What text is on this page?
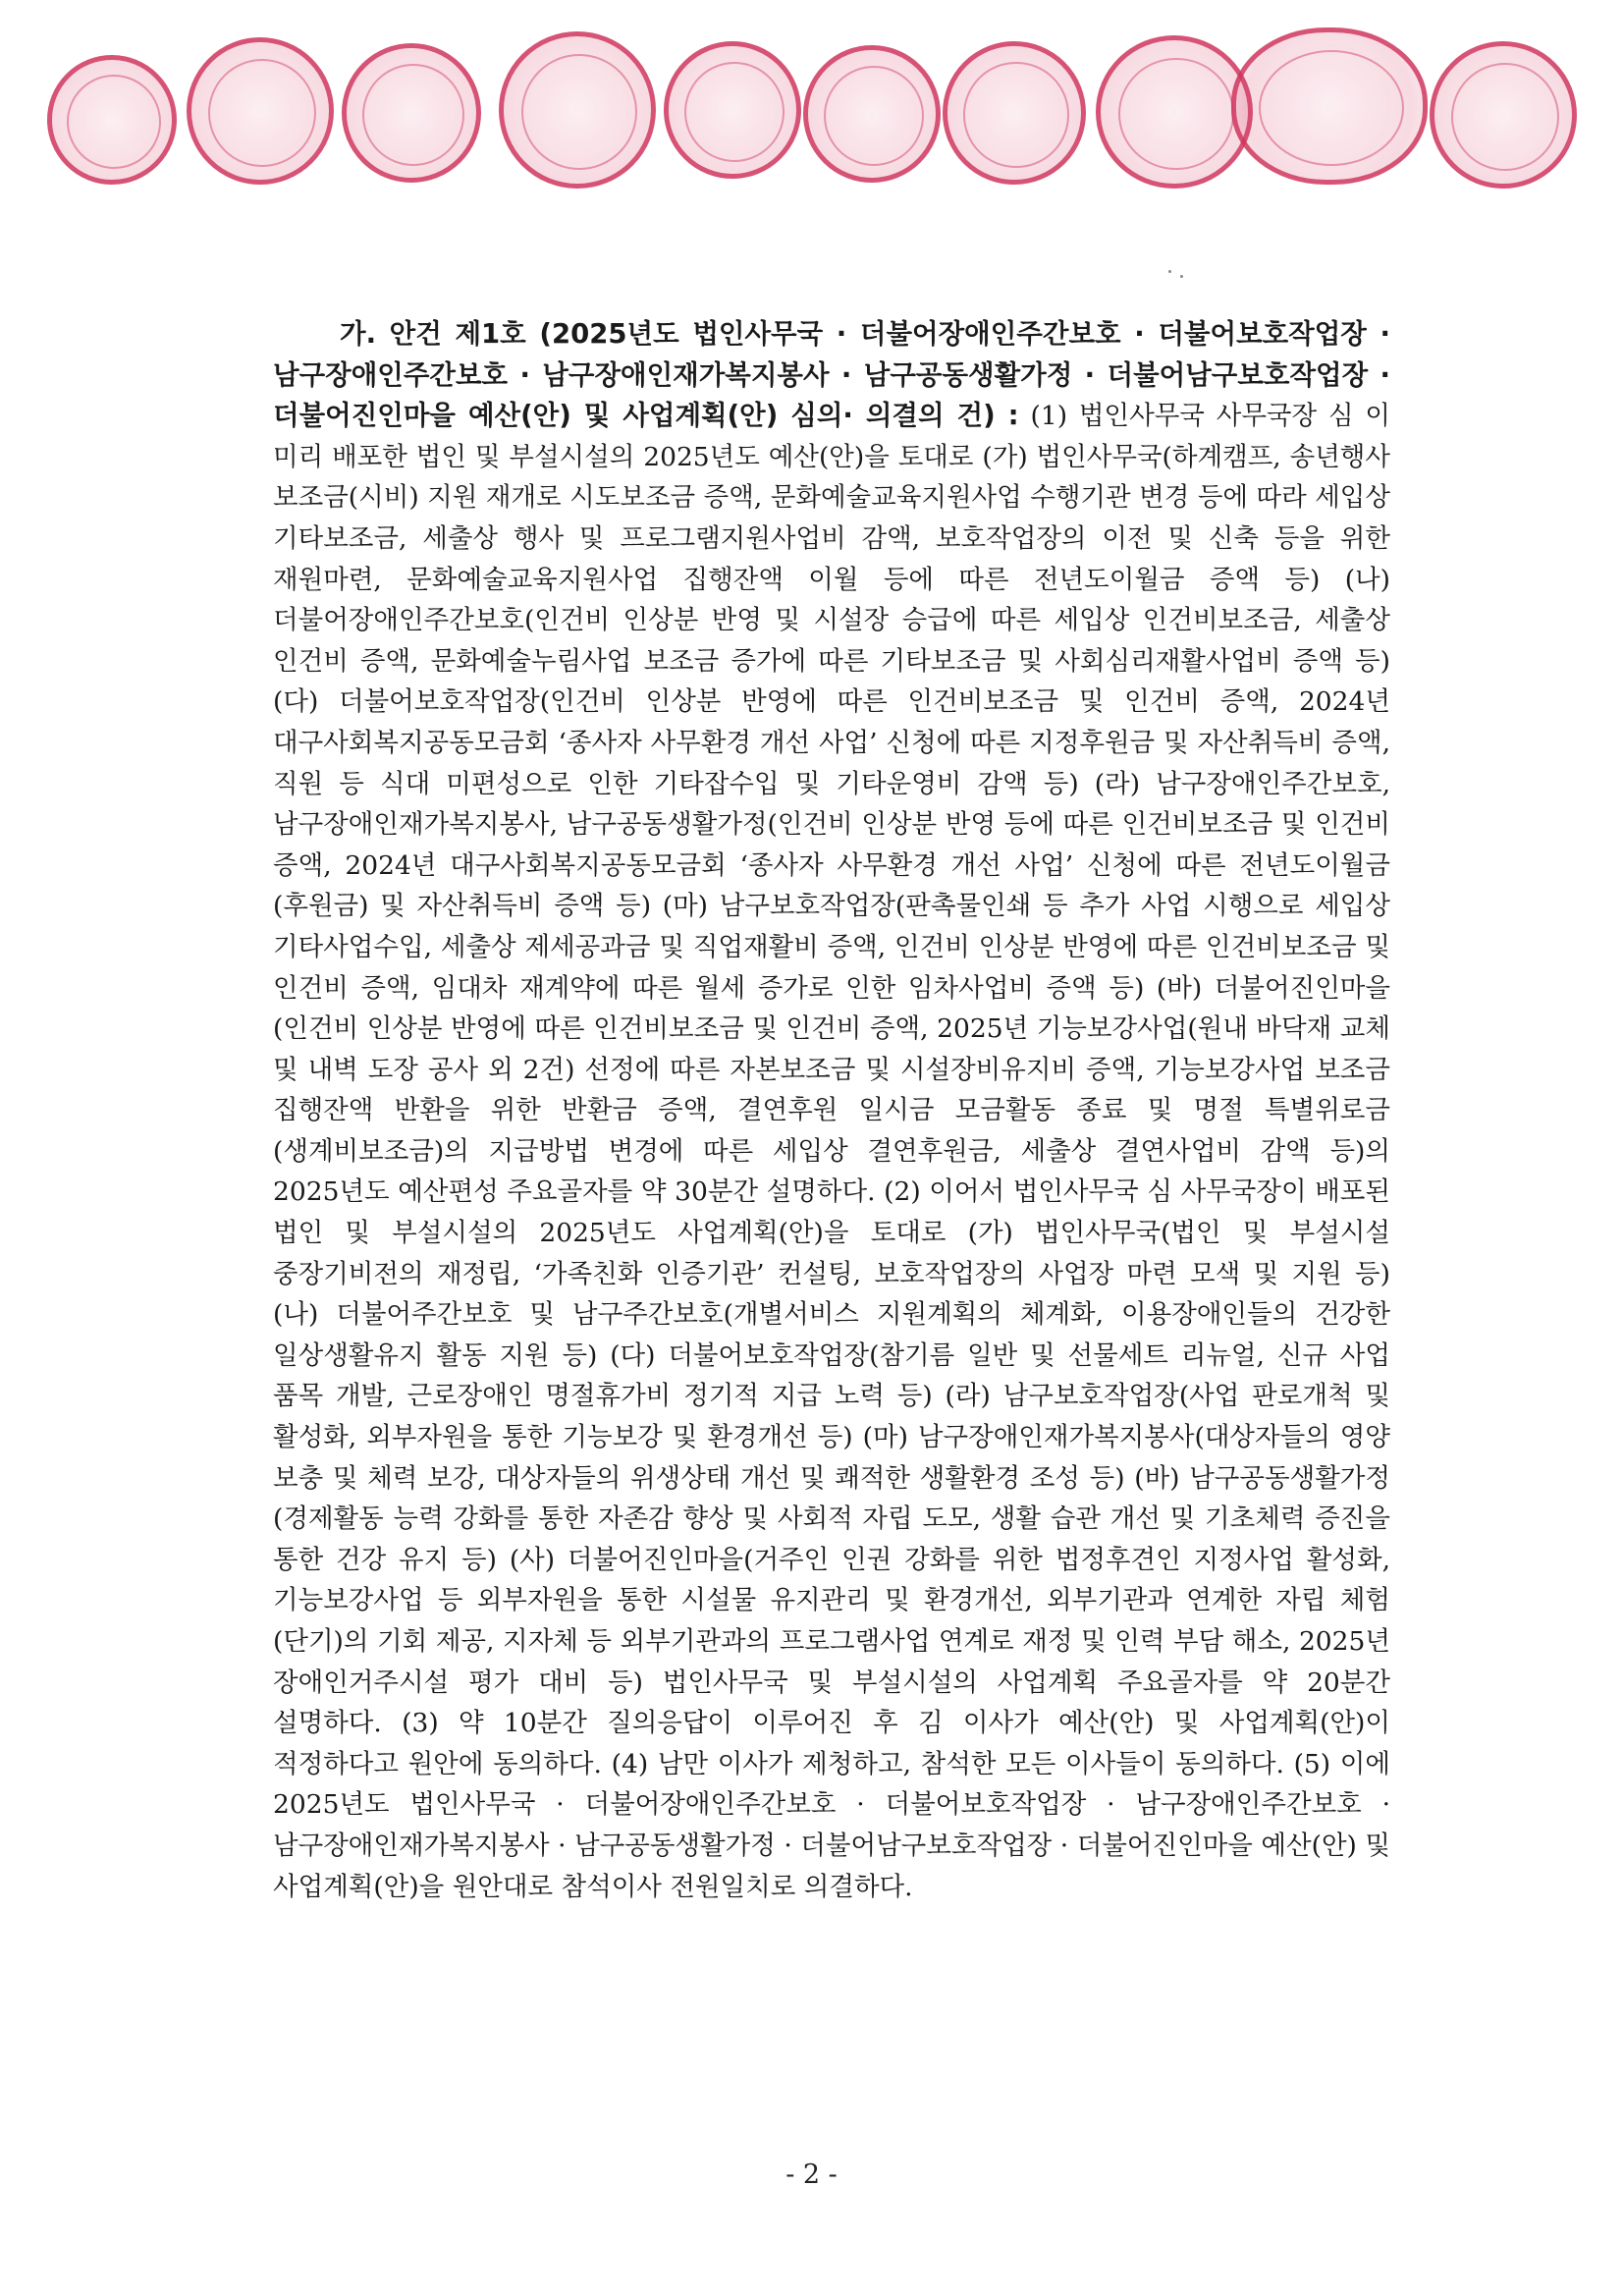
가. 안건 제1호 (2025년도 법인사무국 · 더불어장애인주간보호 · 더불어보호작업장 · 남구장애인주간보호 · 남구장애인재가복지봉사 · 남구공동생활가정 · 더불어남구보호작업장 · 더불어진인마을 예산(안) 및 사업계획(안) 심의· 의결의 건) : (1) 법인사무국 사무국장 심 이 미리 배포한 법인 및 부설시설의 2025년도 예산(안)을 토대로 (가) 법인사무국(하계캠프, 송년행사 보조금(시비) 지원 재개로 시도보조금 증액, 문화예술교육지원사업 수행기관 변경 등에 따라 세입상 기타보조금, 세출상 행사 및 프로그램지원사업비 감액, 보호작업장의 이전 및 신축 등을 위한 재원마련, 문화예술교육지원사업 집행잔액 이월 등에 따른 전년도이월금 증액 등) (나) 더불어장애인주간보호(인건비 인상분 반영 및 시설장 승급에 따른 세입상 인건비보조금, 세출상 인건비 증액, 문화예술누림사업 보조금 증가에 따른 기타보조금 및 사회심리재활사업비 증액 등) (다) 더불어보호작업장(인건비 인상분 반영에 따른 인건비보조금 및 인건비 증액, 2024년 대구사회복지공동모금회 ‘종사자 사무환경 개선 사업’ 신청에 따른 지정후원금 및 자산취득비 증액, 직원 등 식대 미편성으로 인한 기타잡수입 및 기타운영비 감액 등) (라) 남구장애인주간보호, 남구장애인재가복지봉사, 남구공동생활가정(인건비 인상분 반영 등에 따른 인건비보조금 및 인건비 증액, 2024년 대구사회복지공동모금회 ‘종사자 사무환경 개선 사업’ 신청에 따른 전년도이월금(후원금) 및 자산취득비 증액 등) (마) 남구보호작업장(판촉물인쇄 등 추가 사업 시행으로 세입상 기타사업수입, 세출상 제세공과금 및 직업재활비 증액, 인건비 인상분 반영에 따른 인건비보조금 및 인건비 증액, 임대차 재계약에 따른 월세 증가로 인한 임차사업비 증액 등) (바) 더불어진인마을(인건비 인상분 반영에 따른 인건비보조금 및 인건비 증액, 2025년 기능보강사업(원내 바닥재 교체 및 내벽 도장 공사 외 2건) 선정에 따른 자본보조금 및 시설장비유지비 증액, 기능보강사업 보조금 집행잔액 반환을 위한 반환금 증액, 결연후원 일시금 모금활동 종료 및 명절 특별위로금(생계비보조금)의 지급방법 변경에 따른 세입상 결연후원금, 세출상 결연사업비 감액 등)의 2025년도 예산편성 주요골자를 약 30분간 설명하다. (2) 이어서 법인사무국 심 사무국장이 배포된 법인 및 부설시설의 2025년도 사업계획(안)을 토대로 (가) 법인사무국(법인 및 부설시설 중장기비전의 재정립, ‘가족친화 인증기관’ 컨설팅, 보호작업장의 사업장 마련 모색 및 지원 등) (나) 더불어주간보호 및 남구주간보호(개별서비스 지원계획의 체계화, 이용장애인들의 건강한 일상생활유지 활동 지원 등) (다) 더불어보호작업장(참기름 일반 및 선물세트 리뉴얼, 신규 사업 품목 개발, 근로장애인 명절휴가비 정기적 지급 노력 등) (라) 남구보호작업장(사업 판로개척 및 활성화, 외부자원을 통한 기능보강 및 환경개선 등) (마) 남구장애인재가복지봉사(대상자들의 영양 보충 및 체력 보강, 대상자들의 위생상태 개선 및 쾌적한 생활환경 조성 등) (바) 남구공동생활가정(경제활동 능력 강화를 통한 자존감 향상 및 사회적 자립 도모, 생활 습관 개선 및 기초체력 증진을 통한 건강 유지 등) (사) 더불어진인마을(거주인 인권 강화를 위한 법정후견인 지정사업 활성화, 기능보강사업 등 외부자원을 통한 시설물 유지관리 및 환경개선, 외부기관과 연계한 자립 체험(단기)의 기회 제공, 지자체 등 외부기관과의 프로그램사업 연계로 재정 및 인력 부담 해소, 2025년 장애인거주시설 평가 대비 등) 법인사무국 및 부설시설의 사업계획 주요골자를 약 20분간 설명하다. (3) 약 10분간 질의응답이 이루어진 후 김 이사가 예산(안) 및 사업계획(안)이 적정하다고 원안에 동의하다. (4) 남만 이사가 제청하고, 참석한 모든 이사들이 동의하다. (5) 이에 2025년도 법인사무국 · 더불어장애인주간보호 · 더불어보호작업장 · 남구장애인주간보호 · 남구장애인재가복지봉사 · 남구공동생활가정 · 더불어남구보호작업장 · 더불어진인마을 예산(안) 및 사업계획(안)을 원안대로 참석이사 전원일치로 의결하다.

- 2 -
